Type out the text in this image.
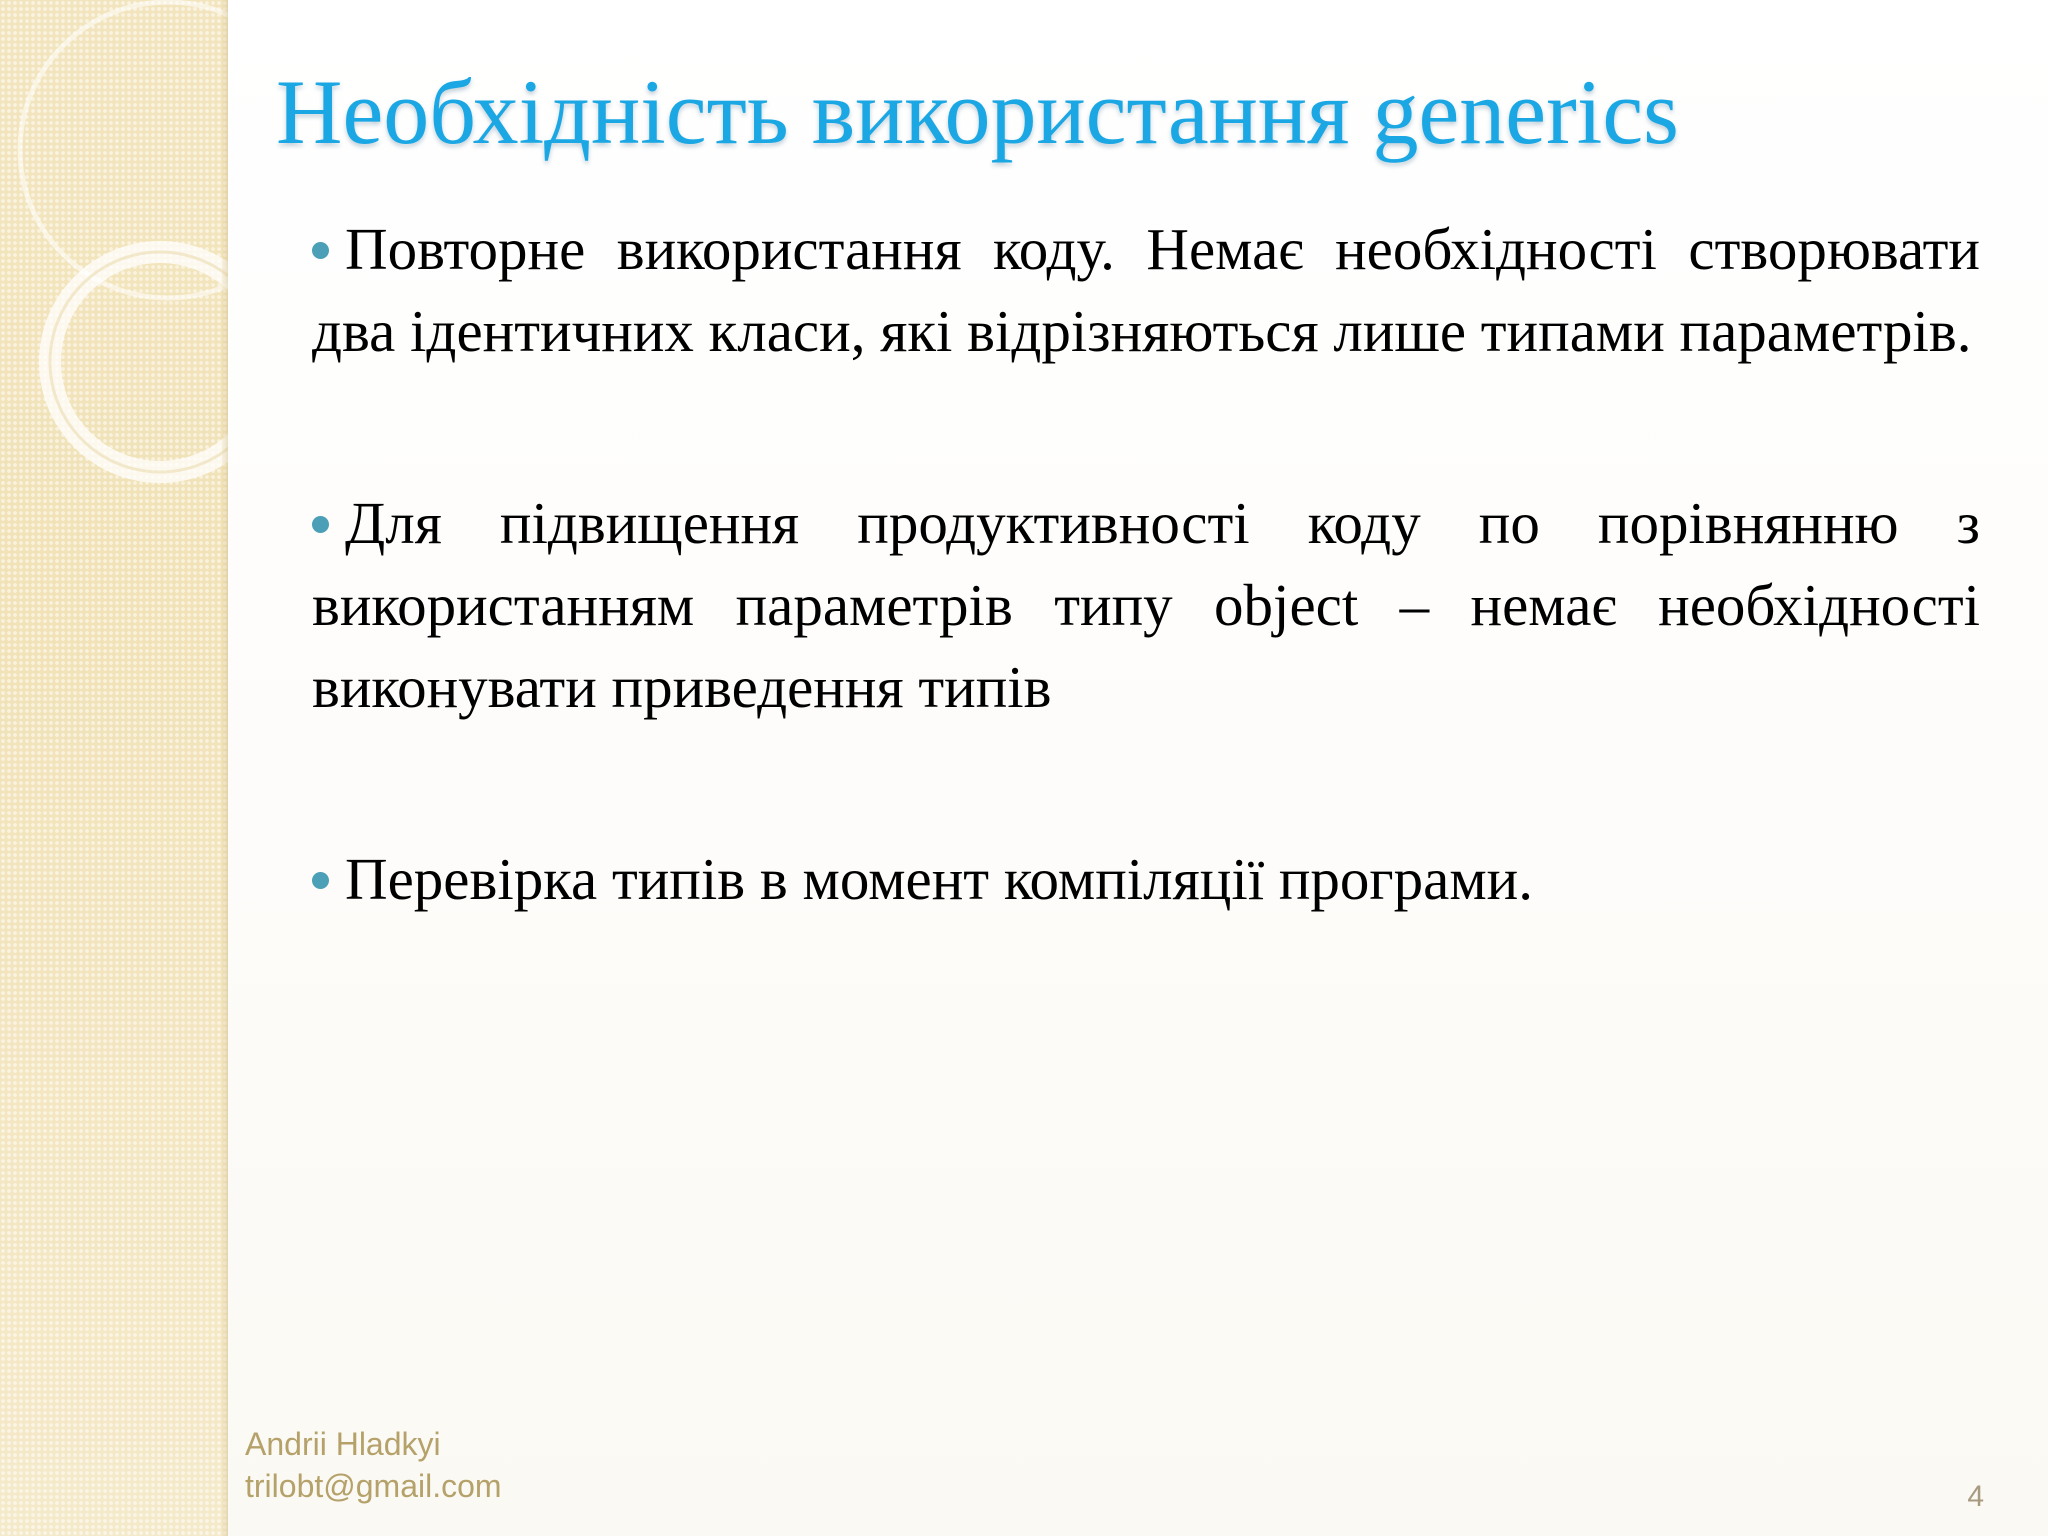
Необхідність використання generics

Повторне використання коду. Немає необхідності створювати два ідентичних класи, які відрізняються лише типами параметрів.

Для підвищення продуктивності коду по порівнянню з використанням параметрів типу object – немає необхідності виконувати приведення типів

Перевірка типів в момент компіляції програми.

Andrii Hladkyi
trilobt@gmail.com	4
